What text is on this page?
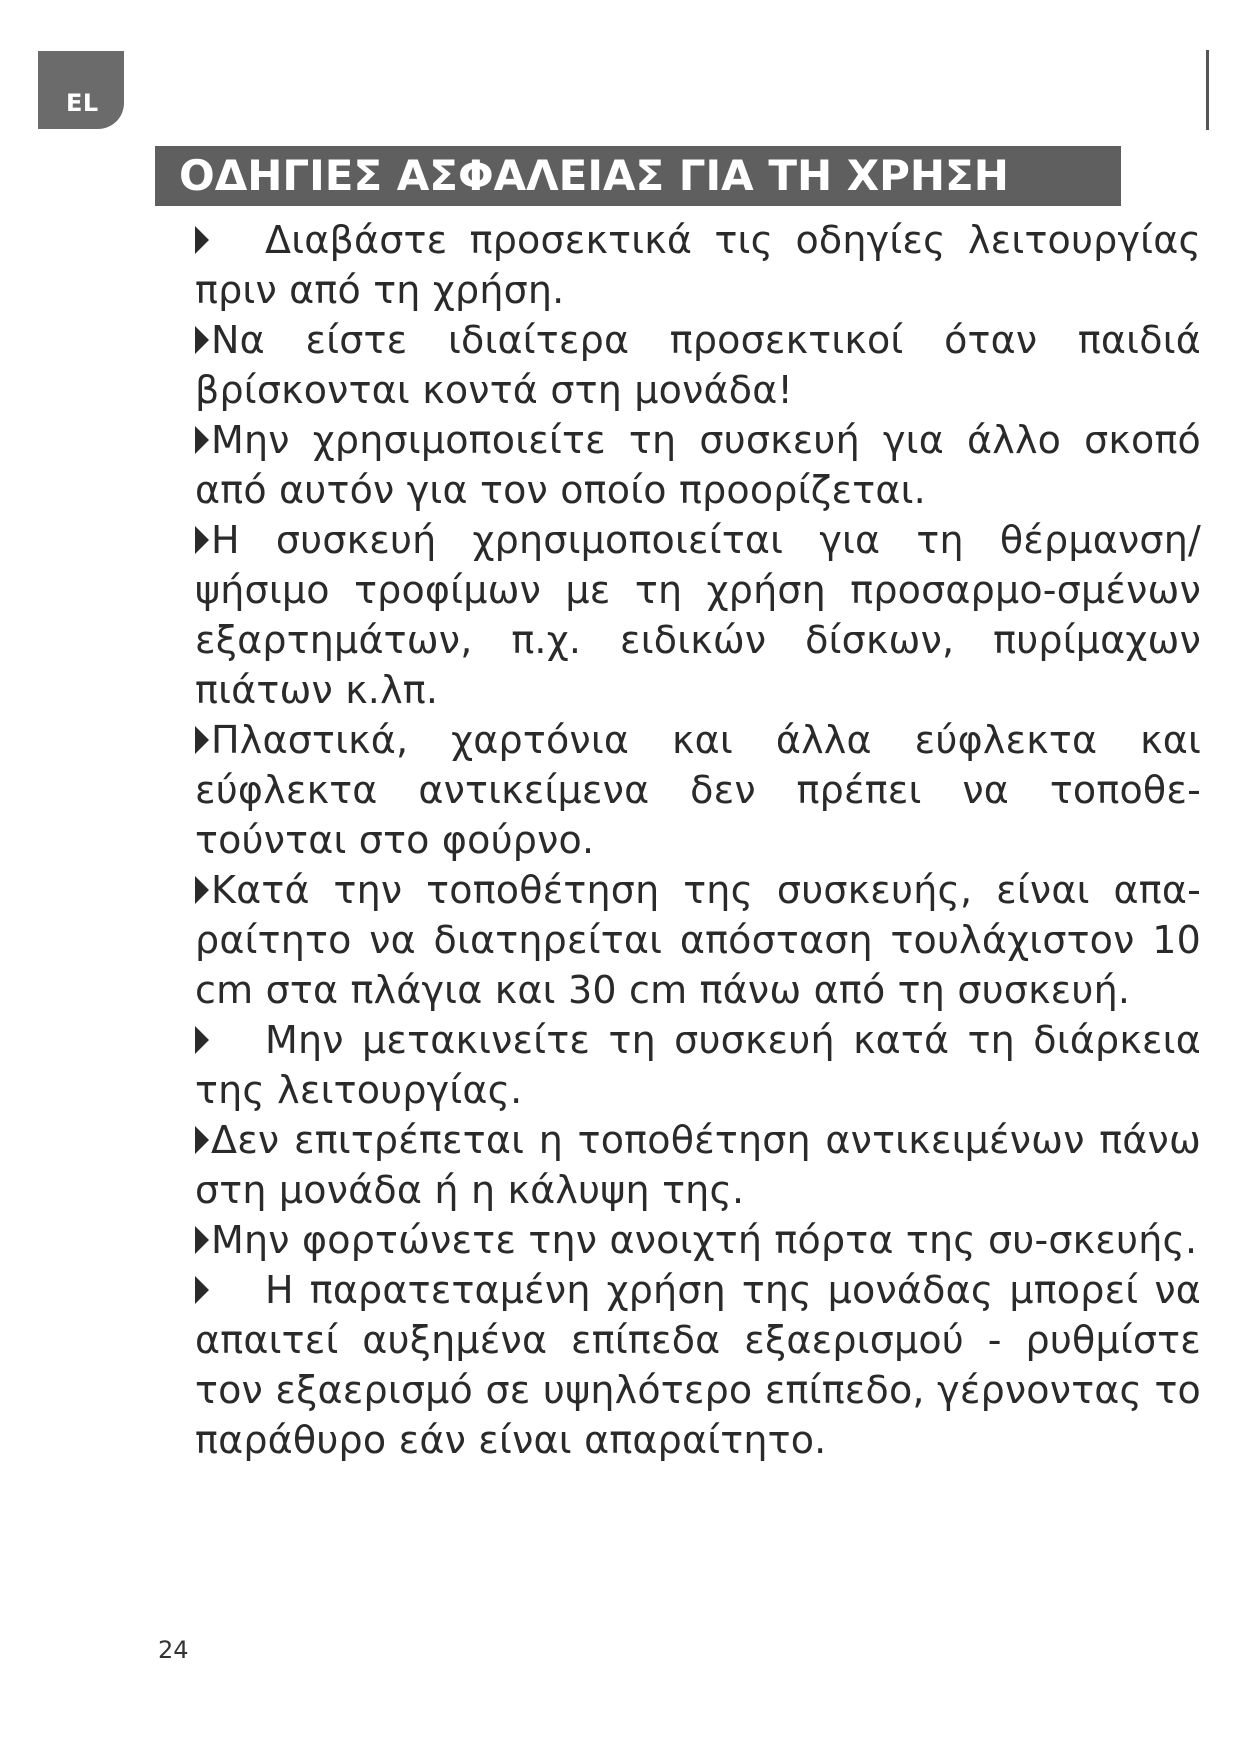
EL
ΟΔΗΓΙΕΣ ΑΣΦΑΛΕΙΑΣ ΓΙΑ ΤΗ ΧΡΗΣΗ
Διαβάστε προσεκτικά τις οδηγίες λειτουργίας πριν από τη χρήση.
Να είστε ιδιαίτερα προσεκτικοί όταν παιδιά βρίσκονται κοντά στη μονάδα!
Μην χρησιμοποιείτε τη συσκευή για άλλο σκοπό από αυτόν για τον οποίο προορίζεται.
Η συσκευή χρησιμοποιείται για τη θέρμανση/ψήσιμο τροφίμων με τη χρήση προσαρμο-σμένων εξαρτημάτων, π.χ. ειδικών δίσκων, πυρίμαχων πιάτων κ.λπ.
Πλαστικά, χαρτόνια και άλλα εύφλεκτα και εύφλεκτα αντικείμενα δεν πρέπει να τοποθε-τούνται στο φούρνο.
Κατά την τοποθέτηση της συσκευής, είναι απα-ραίτητο να διατηρείται απόσταση τουλάχιστον 10 cm στα πλάγια και 30 cm πάνω από τη συσκευή.
Μην μετακινείτε τη συσκευή κατά τη διάρκεια της λειτουργίας.
Δεν επιτρέπεται η τοποθέτηση αντικειμένων πάνω στη μονάδα ή η κάλυψη της.
Μην φορτώνετε την ανοιχτή πόρτα της συ-σκευής.
Η παρατεταμένη χρήση της μονάδας μπορεί να απαιτεί αυξημένα επίπεδα εξαερισμού - ρυθμίστε τον εξαερισμό σε υψηλότερο επίπεδο, γέρνοντας το παράθυρο εάν είναι απαραίτητο.
24
